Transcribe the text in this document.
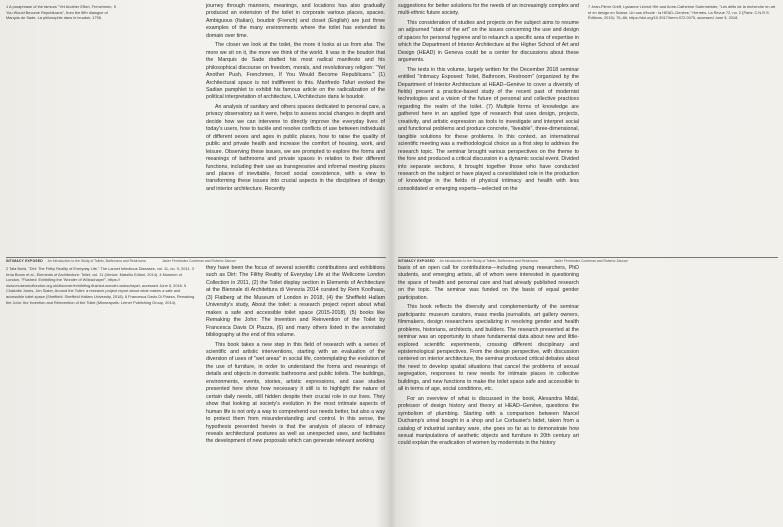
1 A paraphrase of the famous "Yet Another Effort, Frenchmen, If You Would Become Republicans", from the fifth dialogue of Marquis de Sade, La philosophie dans le boudoir, 1795.

journey through manners, meanings, and locations has also gradually produced an extension of the toilet in corporate various places, spaces. Ambiguous (Italian), boudoir (French) and closet (English) are just three examples of the many environments where the toilet has extended its domain over time.

The closer we look at the toilet, the more it looks at us from afar. The more we sit on it, the more we think of the world. It was in the boudoir that the Marquis de Sade drafted his most radical manifesto and his philosophical discourse on freedom, morals, and revolutionary religion: "Yet Another Push, Frenchmen, If You Would Become Republicans." (1) Architectural space is not indifferent to this. Manfredo Tafuri evoked the Sadian pamphlet to exhibit his famous article on the radicalization of the political interpretation of architecture, L'Architecture dans le boudoir.

An analysis of sanitary and others spaces dedicated to personal care, a privacy observatory as it were, helps to assess social changes in depth and decide how we can intervene to directly improve the everyday lives of today's users, how to tackle and resolve conflicts of use between individuals of different sexes and ages in public places, how to raise the quality of public and private health and increase the comfort of housing, work, and leisure. Observing these issues, we are prompted to explore the forms and meanings of bathrooms and private spaces in relation to their different functions, including their use as transgressive and informal meeting places and places of inevitable, forced social coexistence, with a view to transforming these issues into crucial aspects in the disciplines of design and interior architecture. Recently

INTIMACY EXPOSED An Introduction to the Study of Toilets, Bathrooms and Restrooms	Javier Fernández Contreras and Roberto Zancan

2 Tala Burki, "Dirt: The Filthy Reality of Everyday Life," The Lancet Infectious Diseases, vol. 11, no. 9, 2011. 3 Irma Boom et al., Elements of Architecture: Toilet, vol. 11 (Venice: Marsilio Editori, 2014). 4 Museum of London, "Flushed: Exhibiting the 'Wonder of Wökschapel'", https:// www.museumoflondon.org.uk/discover/exhibiting-flushed-wonder-wokschapel, accessed June 5, 2018. 5 Charlotte Jones, Jen Slater, Around the Toilet: a research project report about what makes a safe and accessible toilet space (Sheffield: Sheffield Hallam University, 2018). 6 Francesca Davis Di Piazza, Remaking the John: the Invention and Reinvention of the Toilet (Minneapolis: Lerner Publishing Group, 2014).

they have been the focus of several scientific contributions and exhibitions such as Dirt: The Filthy Reality of Everyday Life at the Wellcome London Collection in 2011, (2) the Toilet display section in Elements of Architecture at the Biennale di Architettura di Venezia 2014 curated by Rem Koolhaas, (3) Flatberg at the Museum of London in 2018, (4) the Sheffield Hallam University's study, About the toilet: a research project report about what makes a safe and accessible toilet space (2015-2018), (5) books like Remaking the John: The Invention and Reinvention of the Toilet by Francesca Davis Di Piazza, (6) and many others listed in the annotated bibliography at the end of this volume.

This book takes a new step in this field of research with a series of scientific and artistic interventions, starting with an evaluation of the diversion of uses of "wet areas" in social life, contemplating the evolution of the use of furniture, in order to understand the forms and meanings of details and objects in domestic bathrooms and public toilets. The buildings, environments, events, stories, artistic expressions, and case studies presented here show how necessary it still is to highlight the nature of certain daily needs, still hidden despite their crucial role in our lives. They show that looking at society's evolution in the most intimate aspects of human life is not only a way to comprehend our needs better, but also a way to protect them from misunderstanding and control. In this sense, the hypothesis presented herein is that the analysis of places of intimacy reveals architectural postures as well as unexpected uses, and facilitates the development of new proposals which can generate relevant working

suggestions for better solutions for the needs of an increasingly complex and multi-ethnic future society.

This consideration of studies and projects on the subject aims to resume an adjourned "state of the art" on the issues concerning the use and design of spaces for personal hygiene and to relaunch a specific area of expertise in which the Department of Interior Architecture at the Higher School of Art and Design (HEAD) in Geneva could be a center for discussions about these arguments.

The texts in this volume, largely written for the December 2018 seminar entitled "Intimacy Exposed: Toilet, Bathroom, Restroom" (organized by the Department of Interior Architecture at HEAD–Genève to cover a diversity of fields) present a practice-based study of the recent past of modernist technologies and a vision of the future of personal and collective practices regarding the realm of the toilet. (7) Multiple forms of knowledge are gathered here in an applied type of research that uses design, projects, creativity, and artistic expression as tools to investigate and interpret social and functional problems and produce concrete, "liveable", three-dimensional, tangible solutions for these problems. In this context, an international scientific meeting was a methodological choice as a first step to address the research topic. The seminar brought various perspectives on the theme to the fore and produced a critical discussion in a dynamic social event. Divided into separate sections, it brought together those who have conducted research on the subject or have played a consolidated role in the production of knowledge in the fields of physical intimacy and health with less consolidated or emerging experts—selected on the

7 Jean-Pierre Greff, Lysianne Léchot Hirt and Anne-Catherine Sutermeister, "Les défis de la recherche en art et en design en Suisse. Un cas d'école : la HEAD–Genève," Hermès, La Revue 72, no. 2 (Paris: C.N.R.S. Éditions, 2015): 75–86, https://doi.org/10.3917/herm.072.0075, accessed June 5, 2018.

INTIMACY EXPOSED An Introduction to the Study of Toilets, Bathrooms and Restrooms	Javier Fernández Contreras and Roberto Zancan

basis of an open call for contributions—including young researchers, PhD students, and emerging artists, all of whom were interested in questioning the space of health and personal care and had already published research on the topic. The seminar was funded on the basis of equal gender participation.

This book reflects the diversity and complementarity of the seminar participants: museum curators, mass media journalists, art gallery owners, filmmakers, design researchers specializing in resolving gender and health problems, historians, architects, and builders. The research presented at the seminar was an opportunity to share fundamental data about new and little-explored scientific experiments, crossing different disciplinary and epistemological perspectives. From the design perspective, with discussion centered on interior architecture, the seminar produced critical debates about the need to develop spatial situations that cancel the problems of sexual segregation, responses to new needs for intimate places in collective buildings, and new functions to make the toilet space safe and accessible to all in terms of age, social conditions, etc.

For an overview of what is discussed in the book, Alexandra Midal, professor of design history and theory at HEAD–Genève, questions the symbolism of plumbing. Starting with a comparison between Marcel Duchamp's urinal bought in a shop and Le Corbusier's bidet, taken from a catalog of industrial sanitary ware, she goes so far as to demonstrate how sexual manipulations of aesthetic objects and furniture in 20th century art could explain the eradication of women by modernists in the history
